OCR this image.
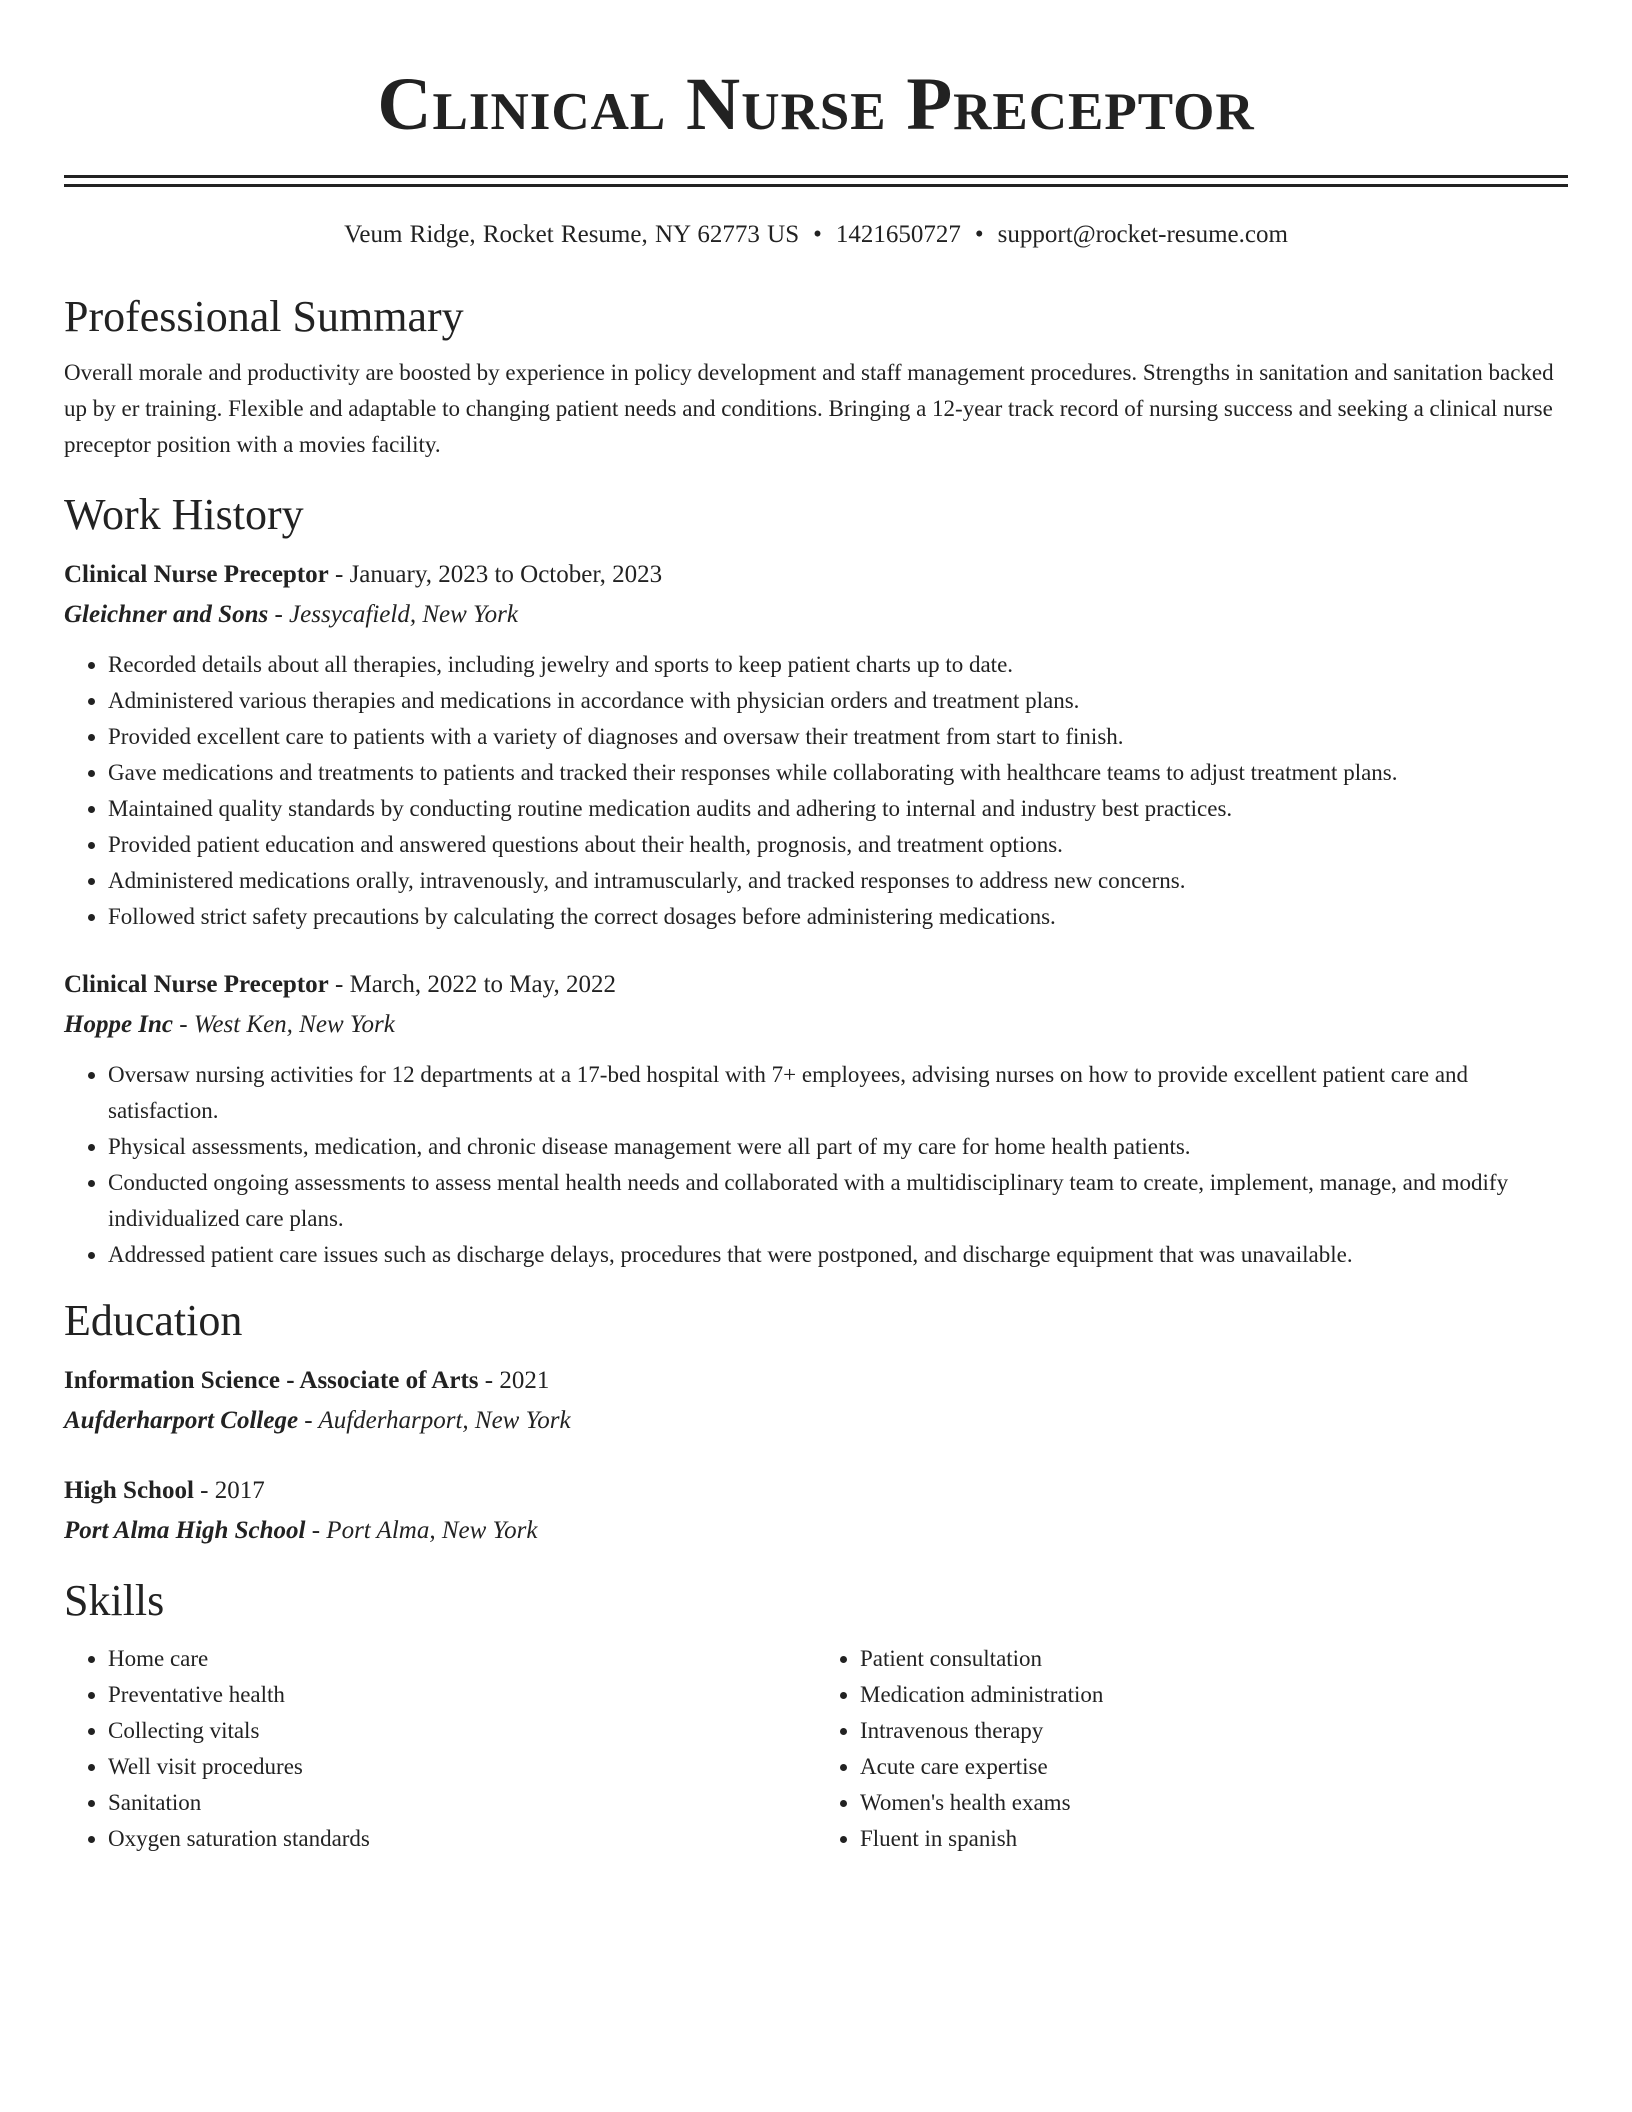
Clinical Nurse Preceptor
Veum Ridge, Rocket Resume, NY 62773 US • 1421650727 • support@rocket-resume.com
Professional Summary

Overall morale and productivity are boosted by experience in policy development and staff management procedures. Strengths in sanitation and sanitation backed up by er training. Flexible and adaptable to changing patient needs and conditions. Bringing a 12-year track record of nursing success and seeking a clinical nurse preceptor position with a movies facility.

Work History

Clinical Nurse Preceptor - January, 2023 to October, 2023

Gleichner and Sons - Jessycafield, New York

• Recorded details about all therapies, including jewelry and sports to keep patient charts up to date.
• Administered various therapies and medications in accordance with physician orders and treatment plans.
• Provided excellent care to patients with a variety of diagnoses and oversaw their treatment from start to finish.
• Gave medications and treatments to patients and tracked their responses while collaborating with healthcare teams to adjust treatment plans.
• Maintained quality standards by conducting routine medication audits and adhering to internal and industry best practices.
• Provided patient education and answered questions about their health, prognosis, and treatment options.
• Administered medications orally, intravenously, and intramuscularly, and tracked responses to address new concerns.
• Followed strict safety precautions by calculating the correct dosages before administering medications.

Clinical Nurse Preceptor - March, 2022 to May, 2022

Hoppe Inc - West Ken, New York

• Oversaw nursing activities for 12 departments at a 17-bed hospital with 7+ employees, advising nurses on how to provide excellent patient care and satisfaction.
• Physical assessments, medication, and chronic disease management were all part of my care for home health patients.
• Conducted ongoing assessments to assess mental health needs and collaborated with a multidisciplinary team to create, implement, manage, and modify individualized care plans.
• Addressed patient care issues such as discharge delays, procedures that were postponed, and discharge equipment that was unavailable.
Education

Information Science - Associate of Arts - 2021

Aufderharport College - Aufderharport, New York

High School - 2017

Port Alma High School - Port Alma, New York

Skills
• Home care
• Preventative health
• Collecting vitals
• Well visit procedures
• Sanitation
• Oxygen saturation standards
• Patient consultation
• Medication administration
• Intravenous therapy
• Acute care expertise
• Women's health exams
• Fluent in spanish
